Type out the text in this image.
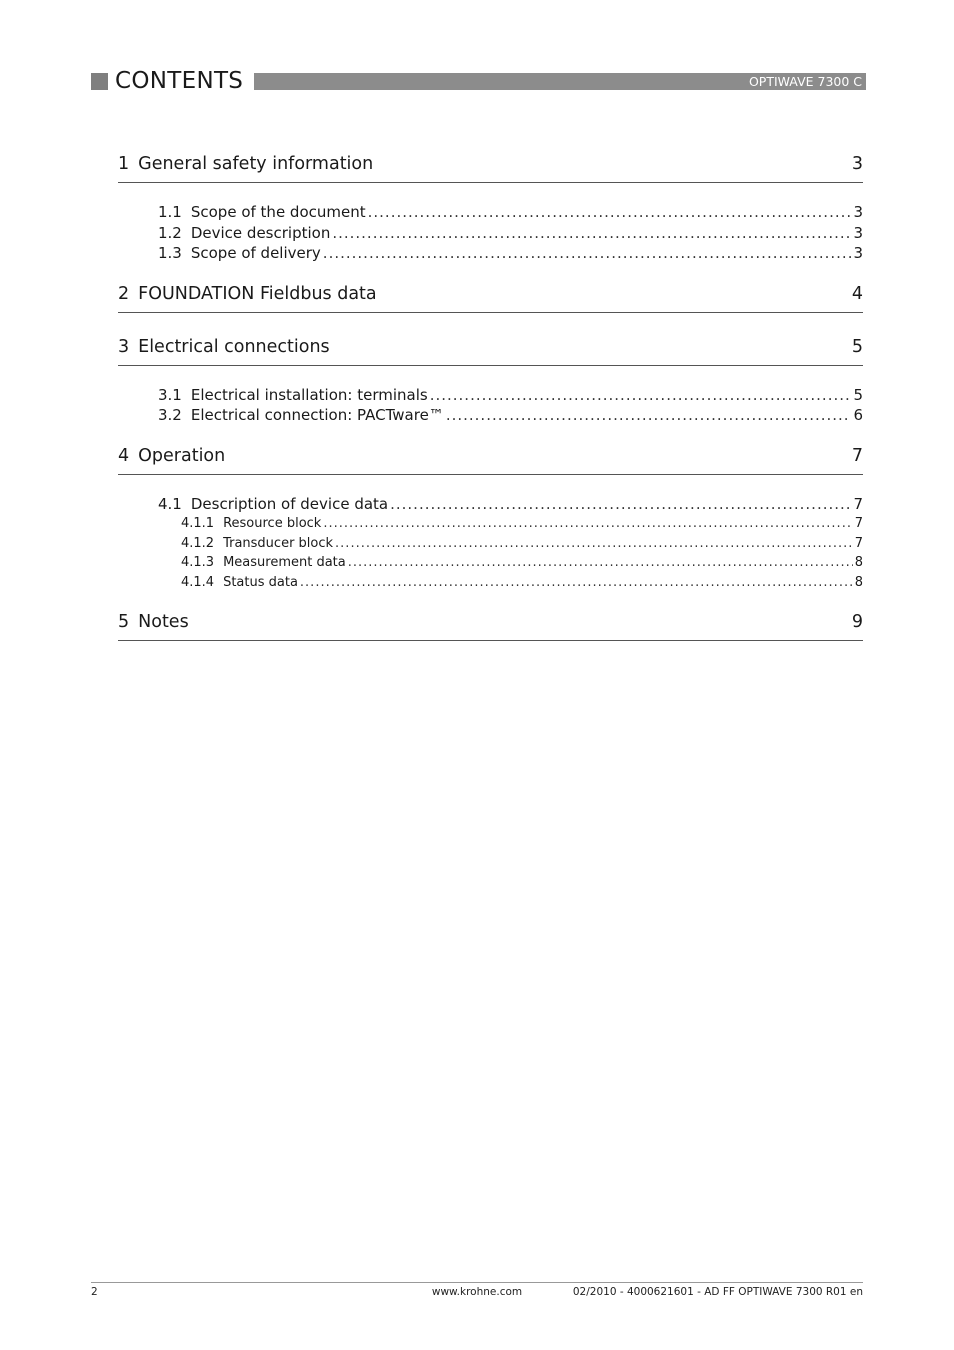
CONTENTS	OPTIWAVE 7300 C
1 General safety information	3
1.1 Scope of the document .....	3
1.2 Device description .....	3
1.3 Scope of delivery .....	3
2 FOUNDATION Fieldbus data	4
3 Electrical connections	5
3.1 Electrical installation: terminals .....	5
3.2 Electrical connection: PACTware™ .....	6
4 Operation	7
4.1 Description of device data .....	7
4.1.1 Resource block .....	7
4.1.2 Transducer block .....	7
4.1.3 Measurement data .....	8
4.1.4 Status data .....	8
5 Notes	9
2	www.krohne.com	02/2010 - 4000621601 - AD FF OPTIWAVE 7300 R01 en
